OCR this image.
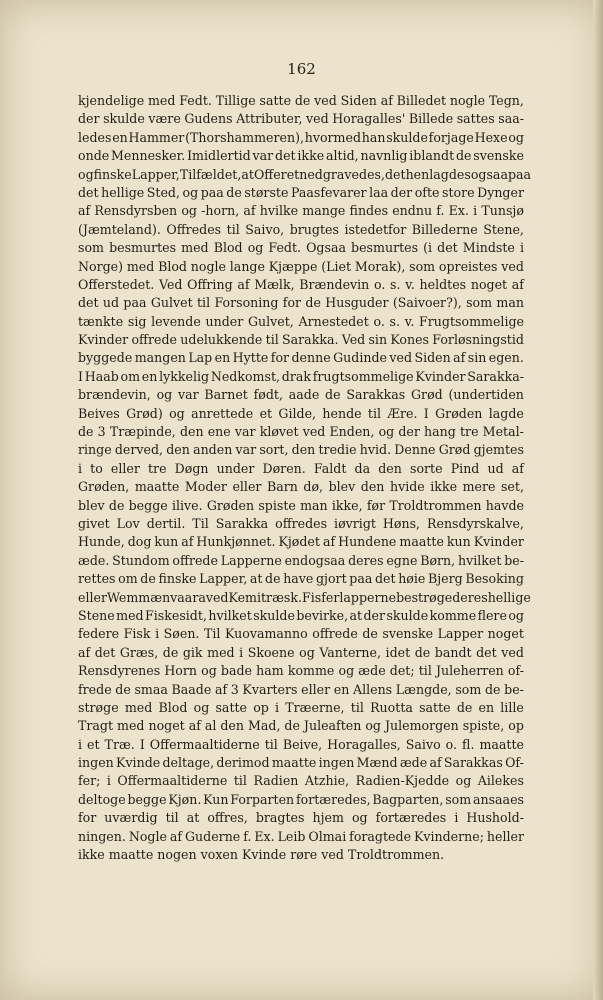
162
kjendelige med Fedt. Tillige satte de ved Siden af Billedet nogle Tegn,
der skulde være Gudens Attributer, ved Horagalles' Billede sattes saa-
ledes en Hammer (Thorshammeren), hvormed han skulde forjage Hexe og
onde Mennesker. Imidlertid var det ikke altid, navnlig iblandt de svenske
og finske Lapper, Tilfældet, at Offeret nedgravedes, det henlagdes ogsaa paa
det hellige Sted, og paa de største Paasfevarer laa der ofte store Dynger
af Rensdyrsben og -horn, af hvilke mange findes endnu f. Ex. i Tunsjø
(Jæmteland). Offredes til Saivo, brugtes istedetfor Billederne Stene,
som besmurtes med Blod og Fedt. Ogsaa besmurtes (i det Mindste i
Norge) med Blod nogle lange Kjæppe (Liet Morak), som opreistes ved
Offerstedet. Ved Offring af Mælk, Brændevin o. s. v. heldtes noget af
det ud paa Gulvet til Forsoning for de Husguder (Saivoer?), som man
tænkte sig levende under Gulvet, Arnestedet o. s. v. Frugtsommelige
Kvinder offrede udelukkende til Sarakka. Ved sin Kones Forløsningstid
byggede mangen Lap en Hytte for denne Gudinde ved Siden af sin egen.
I Haab om en lykkelig Nedkomst, drak frugtsommelige Kvinder Sarakka-
brændevin, og var Barnet født, aade de Sarakkas Grød (undertiden
Beives Grød) og anrettede et Gilde, hende til Ære. I Grøden lagde
de 3 Træpinde, den ene var kløvet ved Enden, og der hang tre Metal-
ringe derved, den anden var sort, den tredie hvid. Denne Grød gjemtes
i to eller tre Døgn under Døren. Faldt da den sorte Pind ud af
Grøden, maatte Moder eller Barn dø, blev den hvide ikke mere set,
blev de begge ilive. Grøden spiste man ikke, før Troldtrommen havde
givet Lov dertil. Til Sarakka offredes iøvrigt Høns, Rensdyrskalve,
Hunde, dog kun af Hunkjønnet. Kjødet af Hundene maatte kun Kvinder
æde. Stundom offrede Lapperne endogsaa deres egne Børn, hvilket be-
rettes om de finske Lapper, at de have gjort paa det høie Bjerg Besoking
eller Wemmænvaara ved Kemitræsk. Fisferlapperne bestrøge deres hellige
Stene med Fiskesidt, hvilket skulde bevirke, at der skulde komme flere og
federe Fisk i Søen. Til Kuovamanno offrede de svenske Lapper noget
af det Græs, de gik med i Skoene og Vanterne, idet de bandt det ved
Rensdyrenes Horn og bade ham komme og æde det; til Juleherren of-
frede de smaa Baade af 3 Kvarters eller en Allens Længde, som de be-
strøge med Blod og satte op i Træerne, til Ruotta satte de en lille
Tragt med noget af al den Mad, de Juleaften og Julemorgen spiste, op
i et Træ. I Offermaaltiderne til Beive, Horagalles, Saivo o. fl. maatte
ingen Kvinde deltage, derimod maatte ingen Mænd æde af Sarakkas Of-
fer; i Offermaaltiderne til Radien Atzhie, Radien-Kjedde og Ailekes
deltoge begge Kjøn. Kun Forparten fortæredes, Bagparten, som ansaaes
for uværdig til at offres, bragtes hjem og fortæredes i Hushold-
ningen. Nogle af Guderne f. Ex. Leib Olmai foragtede Kvinderne; heller
ikke maatte nogen voxen Kvinde røre ved Troldtrommen.
